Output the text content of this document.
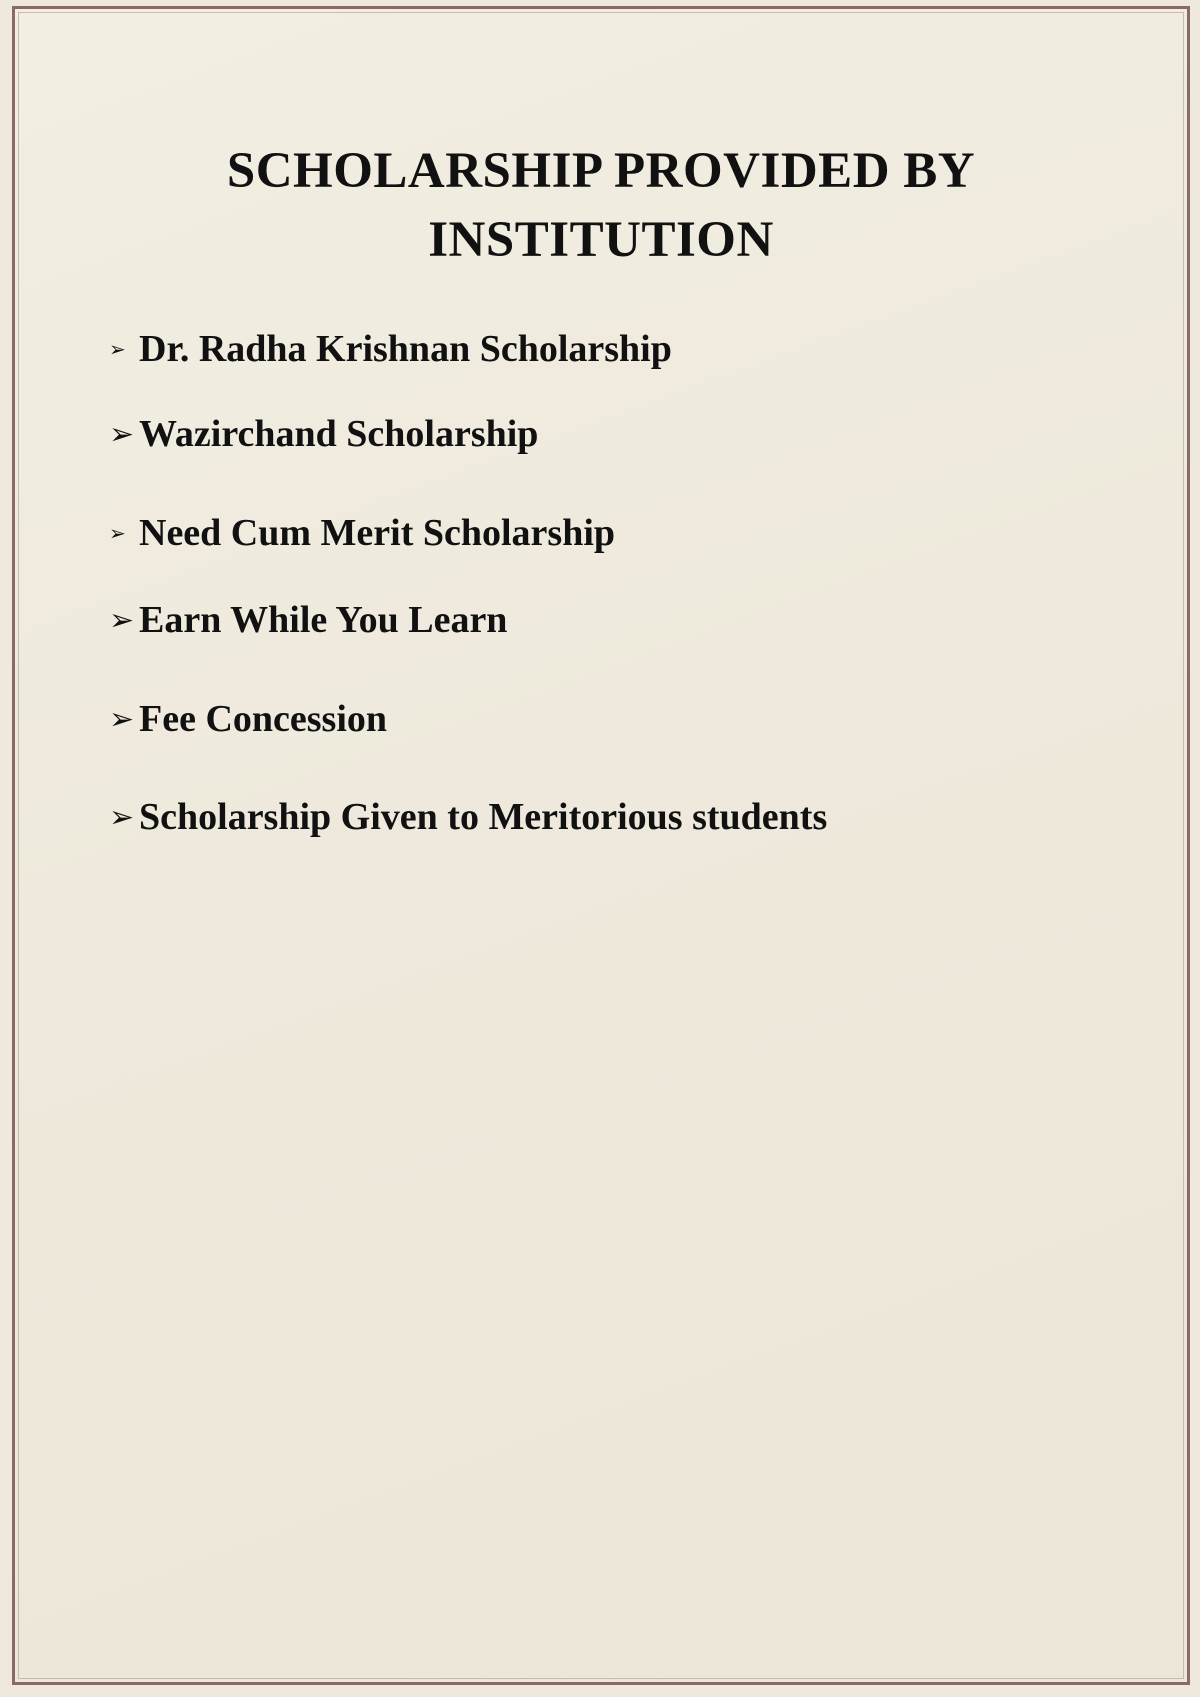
SCHOLARSHIP PROVIDED BY
INSTITUTION
➢ Dr. Radha Krishnan Scholarship
➢ Wazirchand Scholarship
➢ Need Cum Merit Scholarship
➢ Earn While You Learn
➢ Fee Concession
➢ Scholarship Given to Meritorious students
